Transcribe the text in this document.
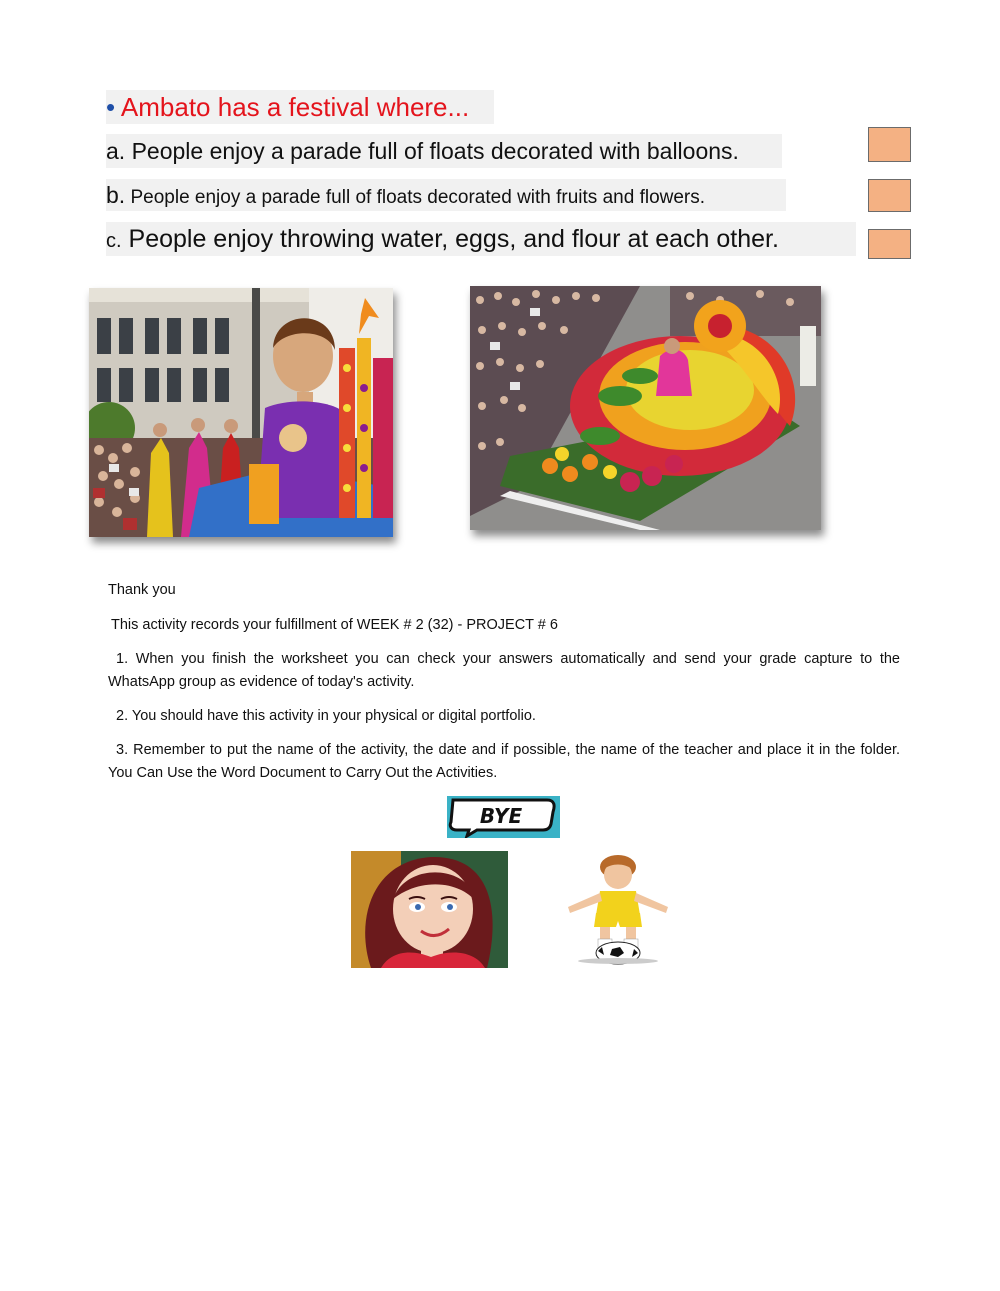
• Ambato has a festival where...
a. People enjoy a parade full of floats decorated with balloons.
b. People enjoy a parade full of floats decorated with fruits and flowers.
c. People enjoy throwing water, eggs, and flour at each other.
Thank you
This activity records your fulfillment of WEEK # 2 (32) - PROJECT # 6
1. When you finish the worksheet you can check your answers automatically and send your grade capture to the WhatsApp group as evidence of today's activity.
2. You should have this activity in your physical or digital portfolio.
3. Remember to put the name of the activity, the date and if possible, the name of the teacher and place it in the folder. You Can Use the Word Document to Carry Out the Activities.
BYE
